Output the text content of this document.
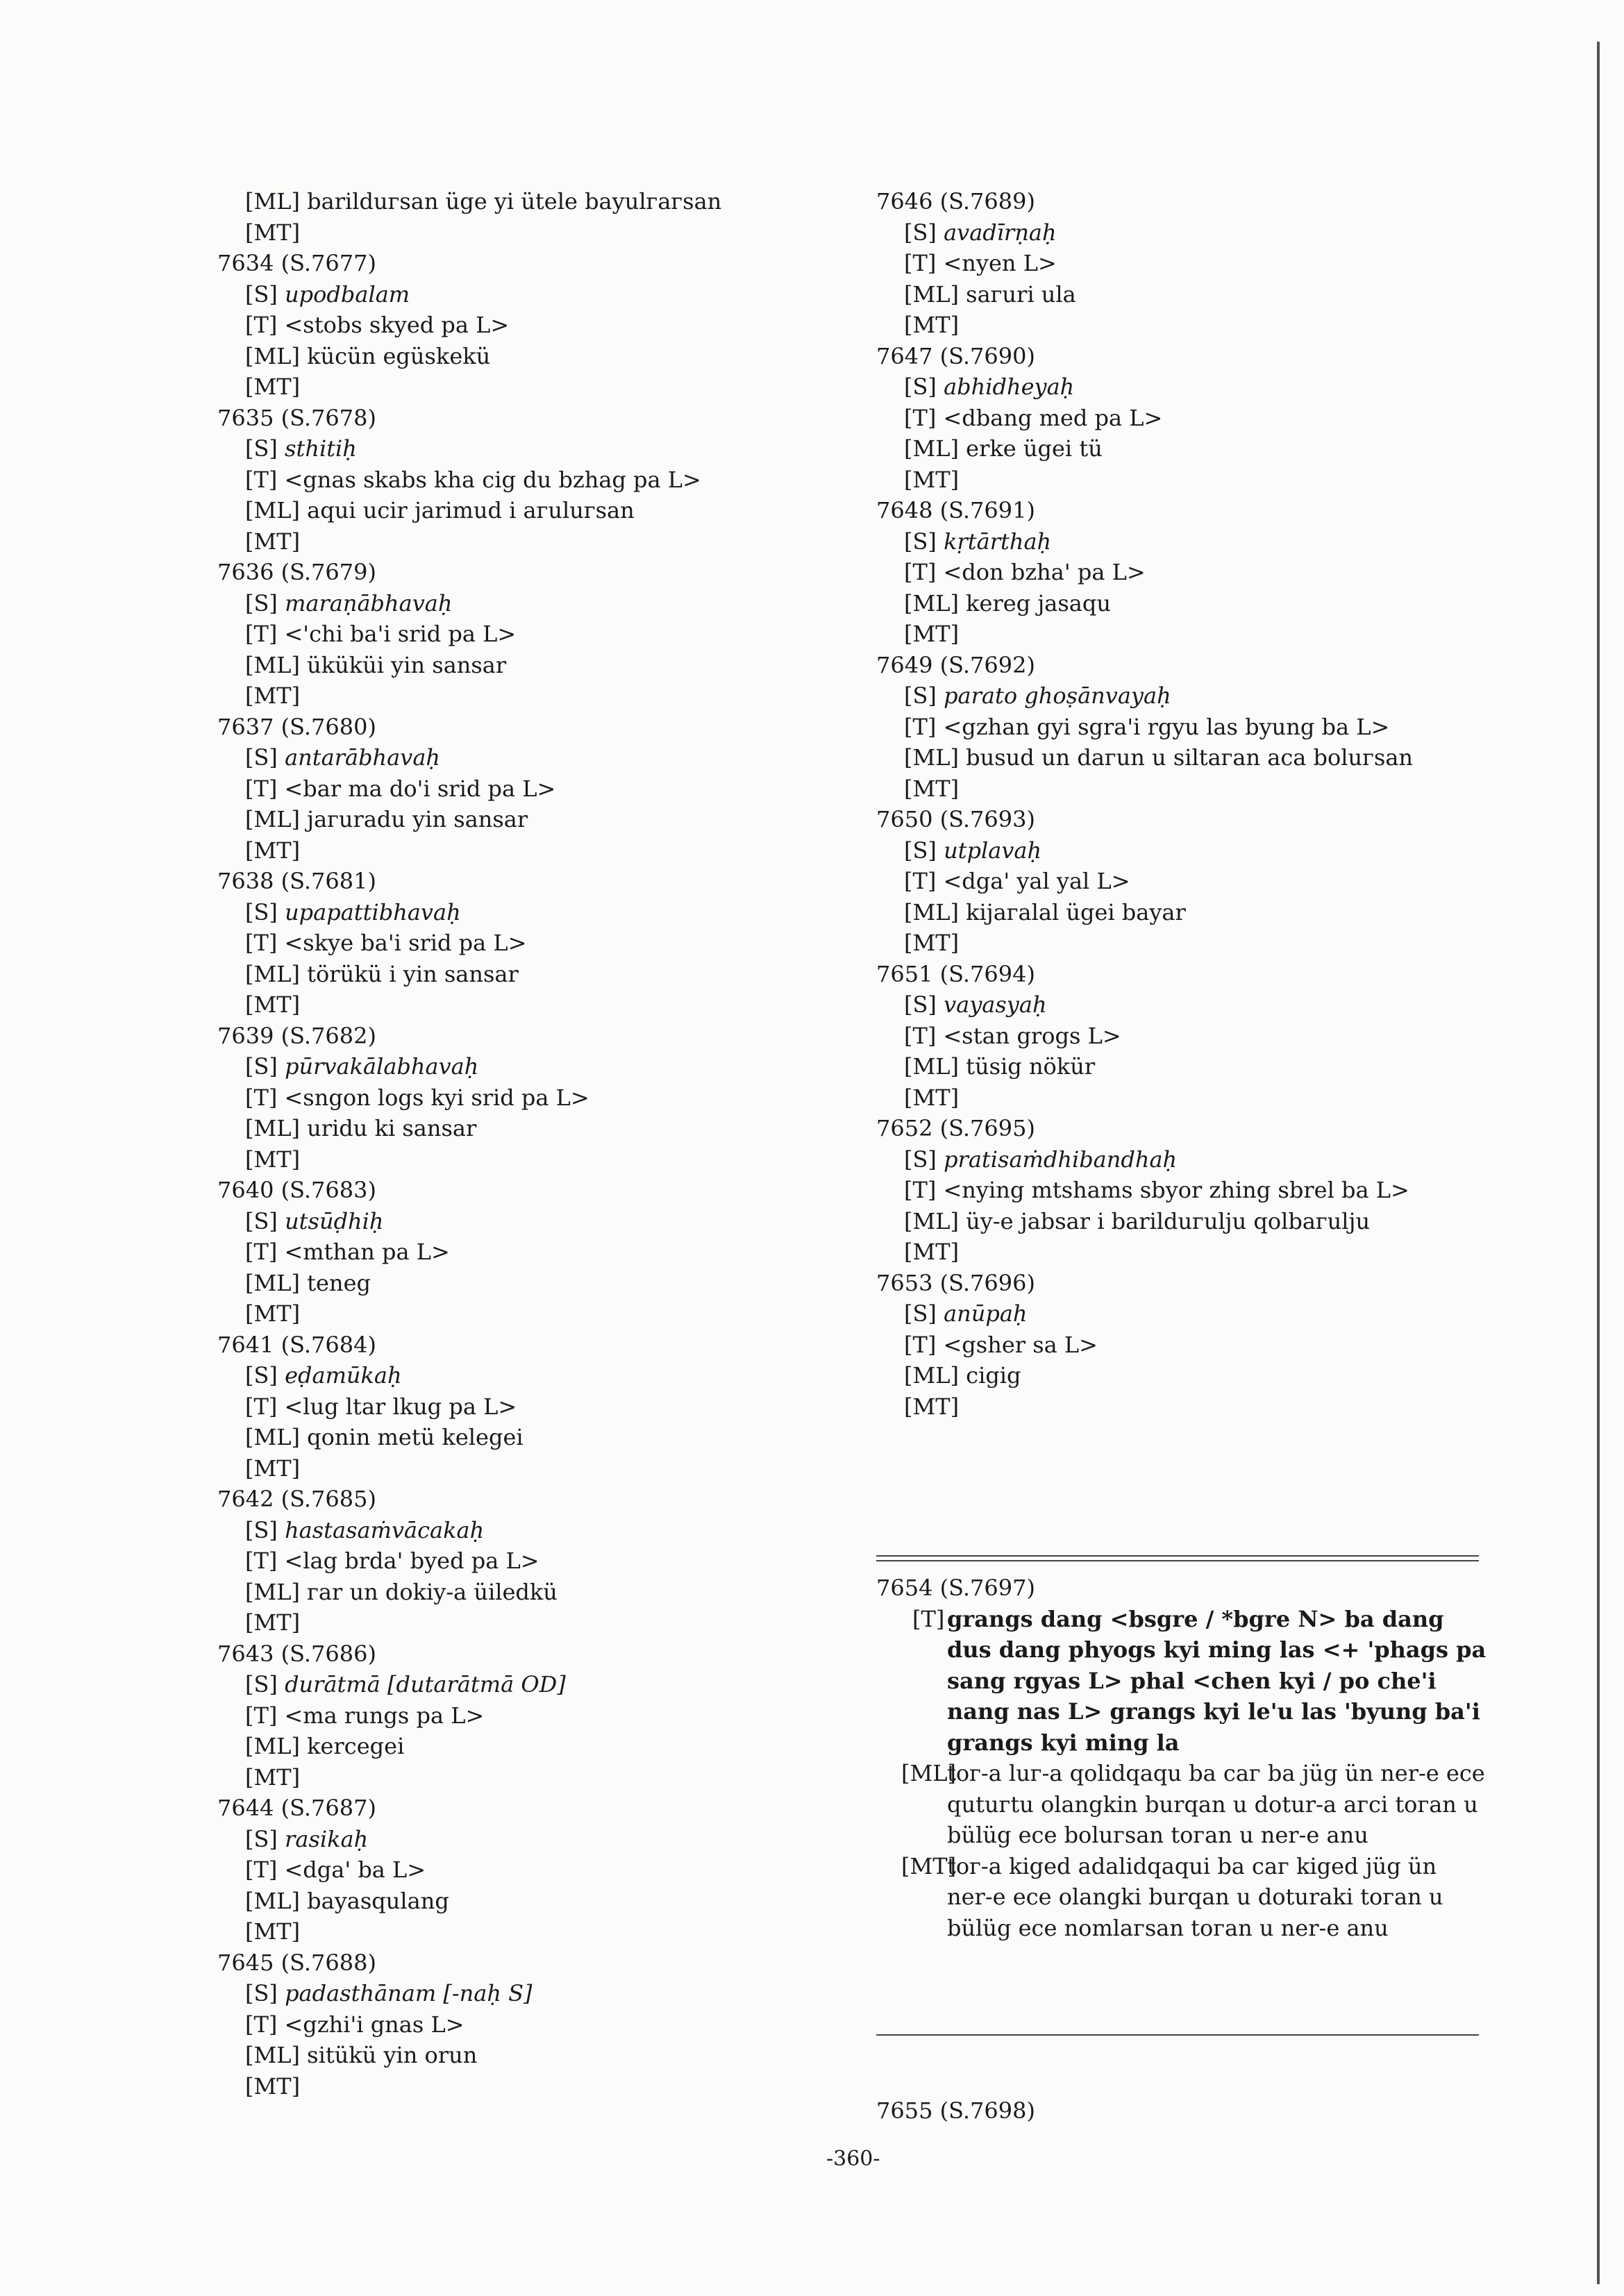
[ML] barilduгsan üge yi ütele bayulгaгsan
[MT]
7634 (S.7677)
[S] upodbalam
[T] <stobs skyed pa L>
[ML] kücün egüskekü
[MT]
7635 (S.7678)
[S] sthitiḥ
[T] <gnas skabs kha cig du bzhag pa L>
[ML] aqui ucir jarimud i aгuluгsan
[MT]
7636 (S.7679)
[S] maraṇābhavaḥ
[T] <'chi ba'i srid pa L>
[ML] üküküi yin sansar
[MT]
7637 (S.7680)
[S] antarābhavaḥ
[T] <bar ma do'i srid pa L>
[ML] jaгuradu yin sansar
[MT]
7638 (S.7681)
[S] upapattibhavaḥ
[T] <skye ba'i srid pa L>
[ML] törükü i yin sansar
[MT]
7639 (S.7682)
[S] pūrvakālabhavaḥ
[T] <sngon logs kyi srid pa L>
[ML] uridu ki sansar
[MT]
7640 (S.7683)
[S] utsūḍhiḥ
[T] <mthan pa L>
[ML] teneg
[MT]
7641 (S.7684)
[S] eḍamūkaḥ
[T] <lug ltar lkug pa L>
[ML] qonin metü kelegei
[MT]
7642 (S.7685)
[S] hastasaṁvācakaḥ
[T] <lag brda' byed pa L>
[ML] гar un dokiy-a üiledkü
[MT]
7643 (S.7686)
[S] durātmā [dutarātmā OD]
[T] <ma rungs pa L>
[ML] kercegei
[MT]
7644 (S.7687)
[S] rasikaḥ
[T] <dga' ba L>
[ML] bayasqulang
[MT]
7645 (S.7688)
[S] padasthānam [-naḥ S]
[T] <gzhi'i gnas L>
[ML] sitükü yin orun
[MT]
7646 (S.7689)
[S] avadīrṇaḥ
[T] <nyen L>
[ML] saгuri ula
[MT]
7647 (S.7690)
[S] abhidheyaḥ
[T] <dbang med pa L>
[ML] erke ügei tü
[MT]
7648 (S.7691)
[S] kṛtārthaḥ
[T] <don bzha' pa L>
[ML] kereg jasaqu
[MT]
7649 (S.7692)
[S] parato ghoṣānvayaḥ
[T] <gzhan gyi sgra'i rgyu las byung ba L>
[ML] busud un daгun u siltaгan aca boluгsan
[MT]
7650 (S.7693)
[S] utplavaḥ
[T] <dga' yal yal L>
[ML] kijaгalal ügei bayar
[MT]
7651 (S.7694)
[S] vayasyaḥ
[T] <stan grogs L>
[ML] tüsig nökür
[MT]
7652 (S.7695)
[S] pratisaṁdhibandhaḥ
[T] <nying mtshams sbyor zhing sbrel ba L>
[ML] üy-e jabsar i barilduгulju qolbaгulju
[MT]
7653 (S.7696)
[S] anūpaḥ
[T] <gsher sa L>
[ML] cigig
[MT]
7654 (S.7697)
[T] grangs dang <bsgre / *bgre N> ba dang dus dang phyogs kyi ming las <+ 'phags pa sang rgyas L> phal <chen kyi / po che'i nang nas L> grangs kyi le'u las 'byung ba'i grangs kyi ming la
[ML]
toг-a luг-a qolidqaqu ba caг ba jüg ün ner-e ece qutuгtu olangkin burqan u dotur-a aгci toгan u bülüg ece boluгsan toгan u ner-e anu
[MT]
toг-a kiged adalidqaqui ba caг kiged jüg ün ner-e ece olangki burqan u doturaki toгan u bülüg ece nomlaгsan toгan u ner-e anu
7655 (S.7698)
-360-
